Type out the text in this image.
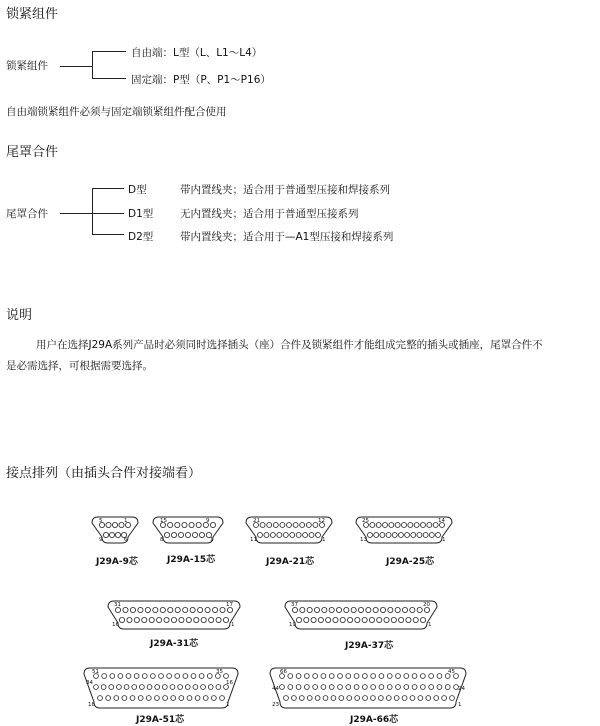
锁紧组件
锁紧组件
自由端：L型（L、L1～L4）
固定端：P型（P、P1～P16）
自由端锁紧组件必须与固定端锁紧组件配合使用
尾罩合件
尾罩合件
D型	带内置线夹；适合用于普通型压接和焊接系列
D1型	无内置线夹；适合用于普通型压接系列
D2型	带内置线夹；适合用于—A1型压接和焊接系列
说明
用户在选择J29A系列产品时必须同时选择插头（座）合件及锁紧组件才能组成完整的插头或插座，尾罩合件不
是必需选择，可根据需要选择。
接点排列（由插头合件对接端看）
5	1
9	6
15	9
8	1
21	12
11	1
25	14
13	1
31	17
16	1
37	20
19	1
51	35
34	16
18	1
66	45
44	24
23	1
J29A-9芯	J29A-15芯	J29A-21芯	J29A-25芯
J29A-31芯	J29A-37芯
J29A-51芯	J29A-66芯
